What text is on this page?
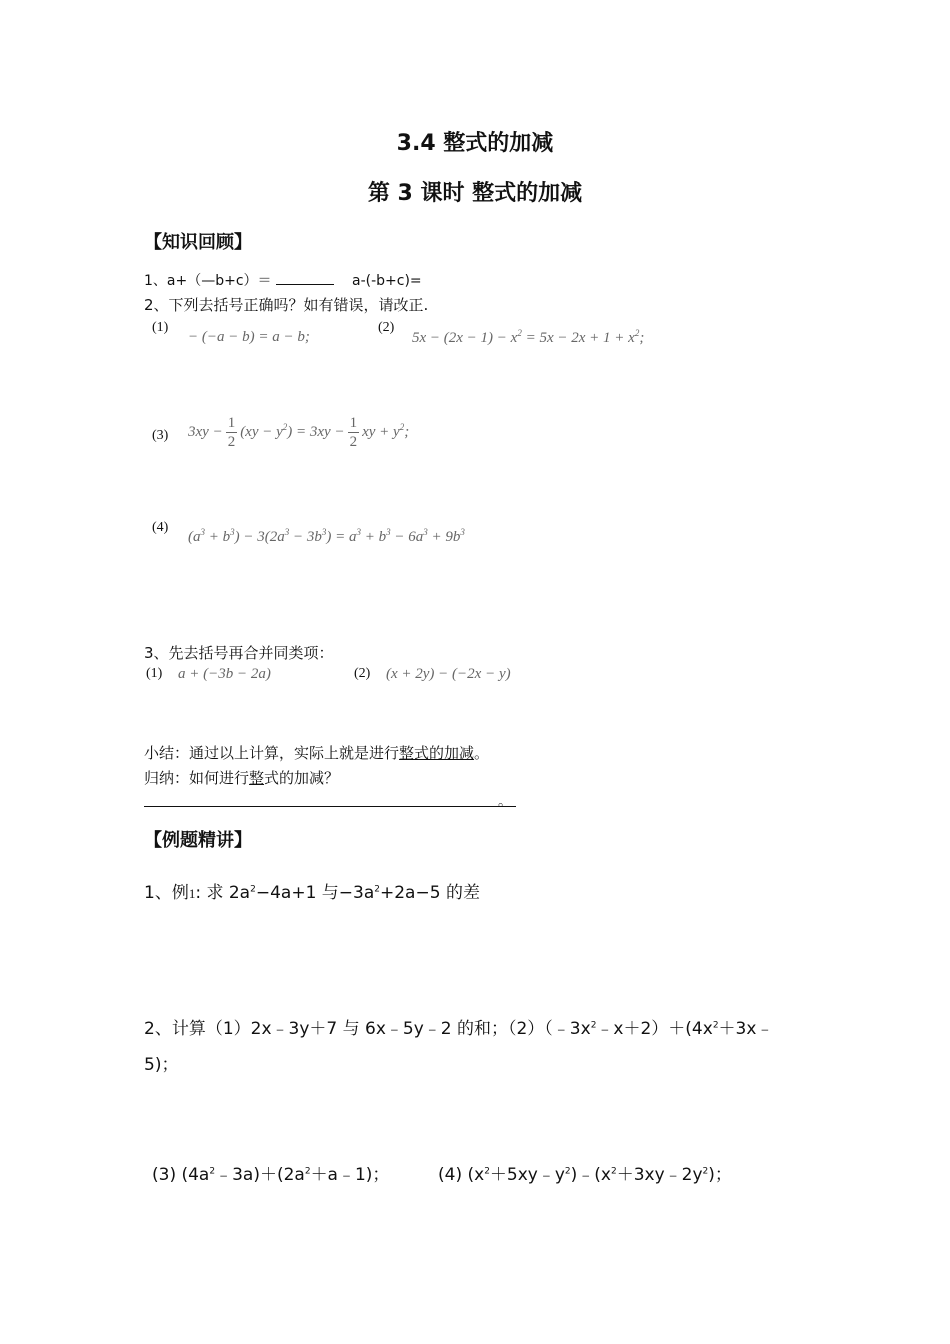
3.4 整式的加减
第 3 课时 整式的加减
【知识回顾】
1、a+（—b+c）＝	a-(-b+c)=
2、下列去括号正确吗？如有错误，请改正.
(1)
− (−a − b) = a − b;
(2)
$5x - (2x - 1) - x^2 = 5x - 2x + 1 + x^2$;
(3) $3xy - \frac{1}{2} (xy - y^2) = 3xy - \frac{1}{2}$ xy + $y^2$;
(4)
$(a^3 + b^3) - 3(2a^3 - 3b^3) = a^3 + b^3 - 6a^3 + 9b^3$
3、先去括号再合并同类项：
(1) a + (−3b − 2a)	(2) (x + 2y) − (−2x − y)
小结：通过以上计算，实际上就是进行整式的加减。
归纳：如何进行整式的加减？
。
【例题精讲】
1、例1: 求 $2a^2-4a+1$ 与$-3a^2+2a-5$ 的差
2、计算（1）2x﹣3y＋7 与 6x﹣5y﹣2 的和；$(2)(﹣3x^2﹣x+2)+(4x^2+3x﹣$
5)；
(3) $(4a^2﹣3a)+(2a^2+a﹣1)$；	(4) $(x^2+5xy﹣y^2)﹣(x^2+3xy﹣2y^2)$；
